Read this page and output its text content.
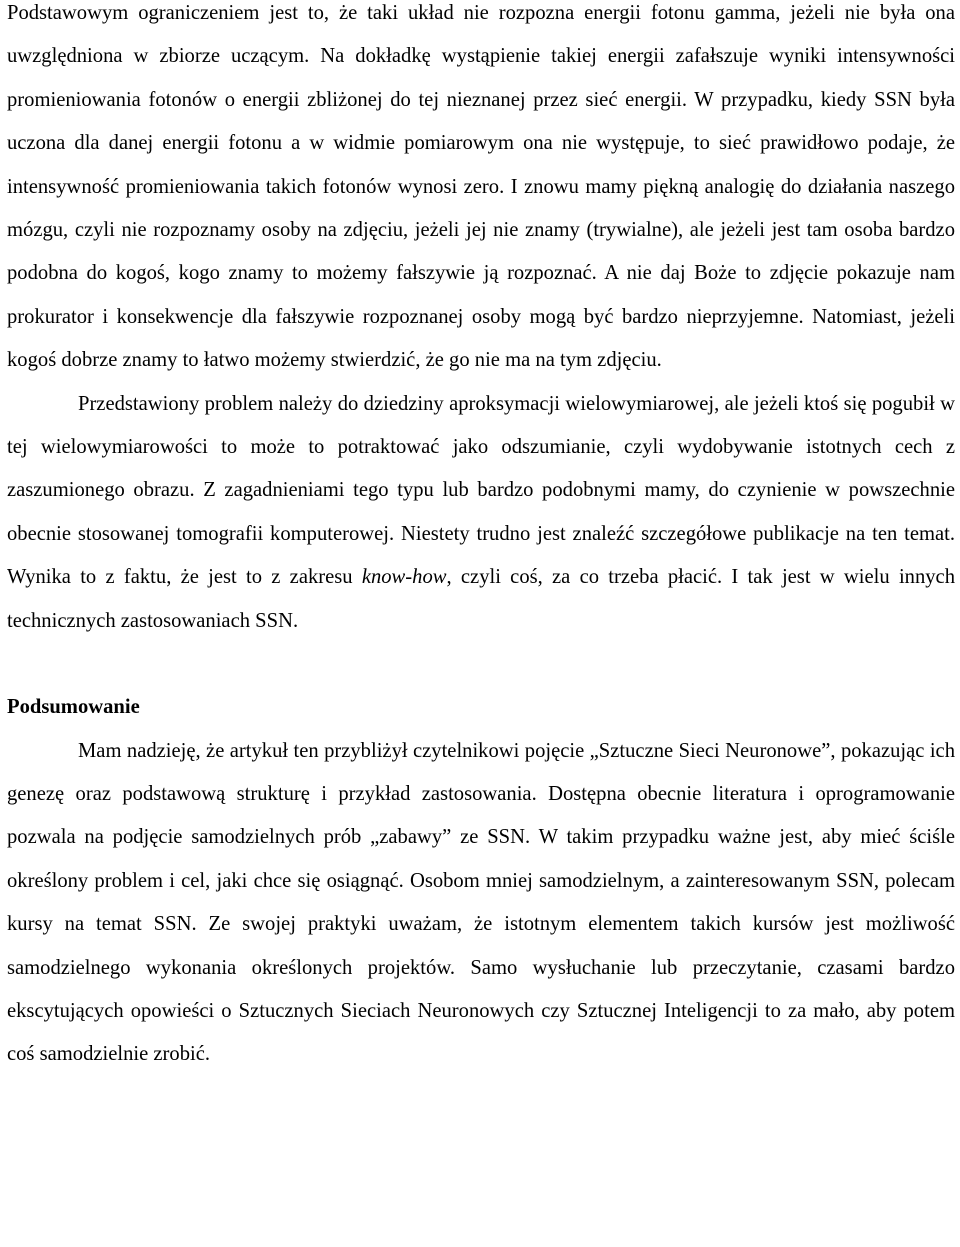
Podstawowym ograniczeniem jest to, że taki układ nie rozpozna energii fotonu gamma, jeżeli nie była ona uwzględniona w zbiorze uczącym. Na dokładkę wystąpienie takiej energii zafałszuje wyniki intensywności promieniowania fotonów o energii zbliżonej do tej nieznanej przez sieć energii. W przypadku, kiedy SSN była uczona dla danej energii fotonu a w widmie pomiarowym ona nie występuje, to sieć prawidłowo podaje, że intensywność promieniowania takich fotonów wynosi zero. I znowu mamy piękną analogię do działania naszego mózgu, czyli nie rozpoznamy osoby na zdjęciu, jeżeli jej nie znamy (trywialne), ale jeżeli jest tam osoba bardzo podobna do kogoś, kogo znamy to możemy fałszywie ją rozpoznać. A nie daj Boże to zdjęcie pokazuje nam prokurator i konsekwencje dla fałszywie rozpoznanej osoby mogą być bardzo nieprzyjemne. Natomiast, jeżeli kogoś dobrze znamy to łatwo możemy stwierdzić, że go nie ma na tym zdjęciu.

Przedstawiony problem należy do dziedziny aproksymacji wielowymiarowej, ale jeżeli ktoś się pogubił w tej wielowymiarowości to może to potraktować jako odszumianie, czyli wydobywanie istotnych cech z zaszumionego obrazu. Z zagadnieniami tego typu lub bardzo podobnymi mamy, do czynienie w powszechnie obecnie stosowanej tomografii komputerowej. Niestety trudno jest znaleźć szczegółowe publikacje na ten temat. Wynika to z faktu, że jest to z zakresu know-how, czyli coś, za co trzeba płacić. I tak jest w wielu innych technicznych zastosowaniach SSN.

Podsumowanie

Mam nadzieję, że artykuł ten przybliżył czytelnikowi pojęcie „Sztuczne Sieci Neuronowe”, pokazując ich genezę oraz podstawową strukturę i przykład zastosowania. Dostępna obecnie literatura i oprogramowanie pozwala na podjęcie samodzielnych prób „zabawy” ze SSN. W takim przypadku ważne jest, aby mieć ściśle określony problem i cel, jaki chce się osiągnąć. Osobom mniej samodzielnym, a zainteresowanym SSN, polecam kursy na temat SSN. Ze swojej praktyki uważam, że istotnym elementem takich kursów jest możliwość samodzielnego wykonania określonych projektów. Samo wysłuchanie lub przeczytanie, czasami bardzo ekscytujących opowieści o Sztucznych Sieciach Neuronowych czy Sztucznej Inteligencji to za mało, aby potem coś samodzielnie zrobić.
